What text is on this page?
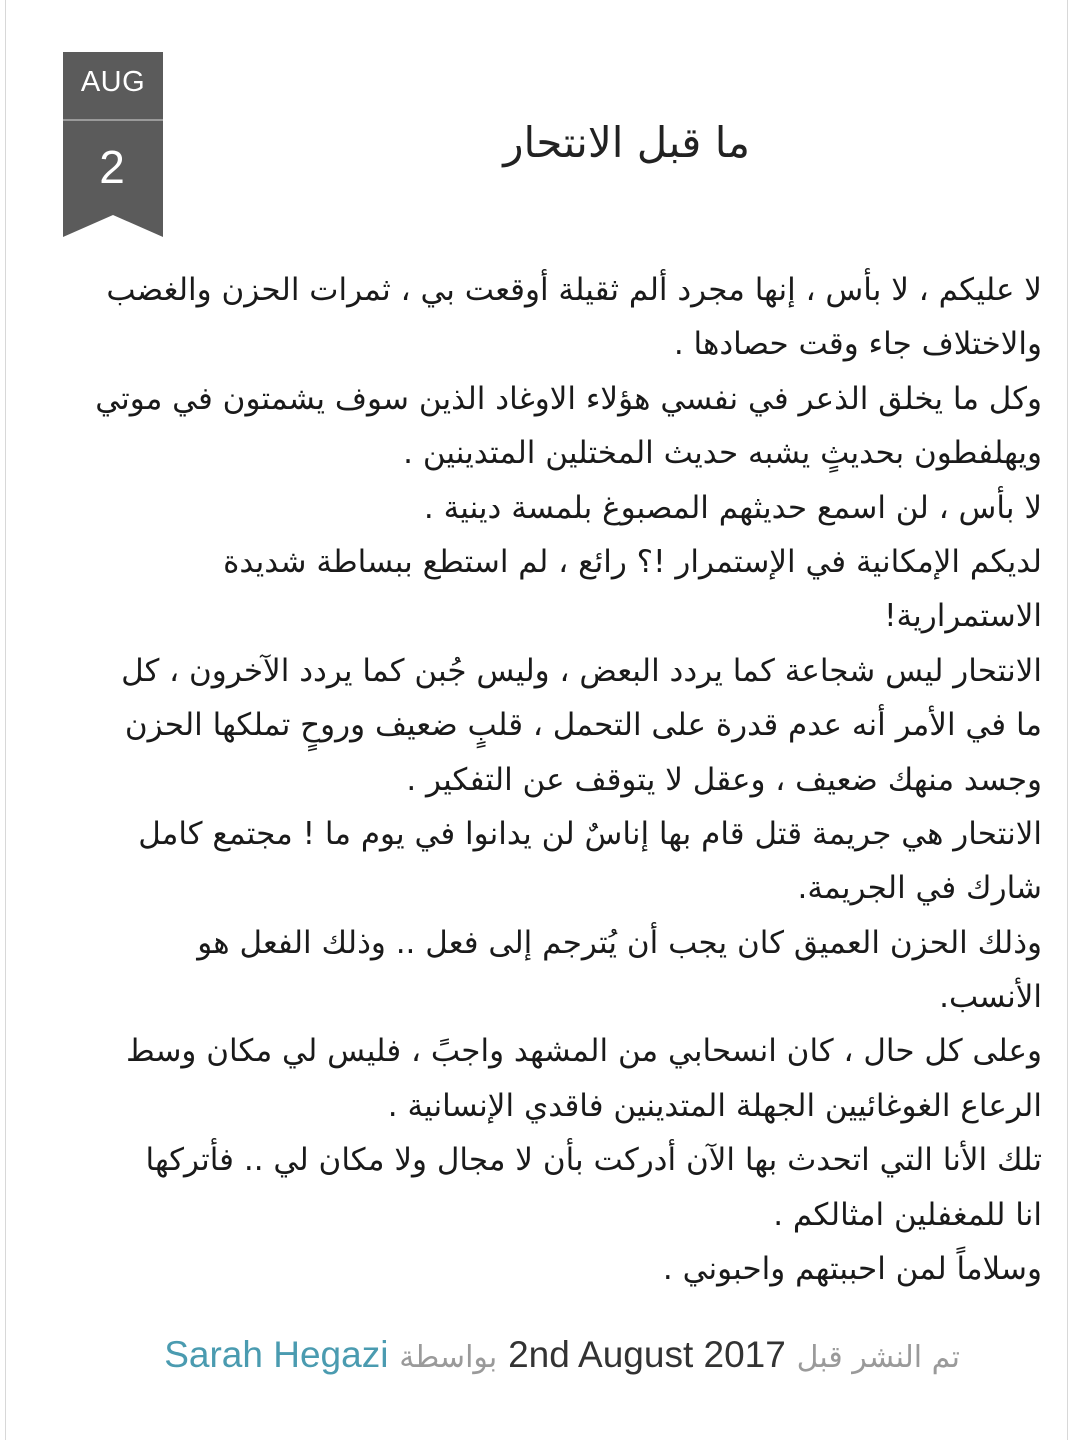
AUG
2	ما قبل الانتحار
لا عليكم ، لا بأس ، إنها مجرد ألم ثقيلة أوقعت بي ، ثمرات الحزن والغضب
والاختلاف جاء وقت حصادها .
وكل ما يخلق الذعر في نفسي هؤلاء الاوغاد الذين سوف يشمتون في موتي
ويهلفطون بحديثٍ يشبه حديث المختلين المتدينين .
لا بأس ، لن اسمع حديثهم المصبوغ بلمسة دينية .
لديكم الإمكانية في الإستمرار !؟ رائع ، لم استطع ببساطة شديدة
الاستمرارية!
الانتحار ليس شجاعة كما يردد البعض ، وليس جُبن كما يردد الآخرون ، كل
ما في الأمر أنه عدم قدرة على التحمل ، قلبٍ ضعيف وروحٍ تملكها الحزن
وجسد منهك ضعيف ، وعقل لا يتوقف عن التفكير .
الانتحار هي جريمة قتل قام بها إناسٌ لن يدانوا في يوم ما ! مجتمع كامل
شارك في الجريمة.
وذلك الحزن العميق كان يجب أن يُترجم إلى فعل .. وذلك الفعل هو
الأنسب.
وعلى كل حال ، كان انسحابي من المشهد واجبً ، فليس لي مكان وسط
الرعاع الغوغائيين الجهلة المتدينين فاقدي الإنسانية .
تلك الأنا التي اتحدث بها الآن أدركت بأن لا مجال ولا مكان لي .. فأتركها
انا للمغفلين امثالكم .
وسلاماً لمن احببتهم واحبوني .
تم النشر قبل 2nd August 2017 بواسطة Sarah Hegazi
